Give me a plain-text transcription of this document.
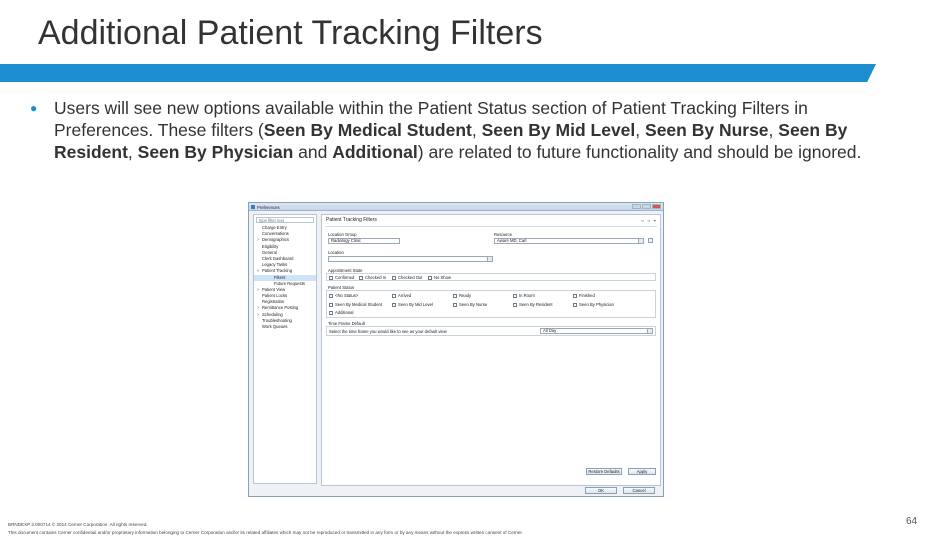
Additional Patient Tracking Filters
● Users will see new options available within the Patient Status section of Patient Tracking Filters in Preferences. These filters (Seen By Medical Student, Seen By Mid Level, Seen By Nurse, Seen By Resident, Seen By Physician and Additional) are related to future functionality and should be ignored.
Preferences
type filter text
Charge Entry
Conversations
> Demographics
Eligibility
General
Clerk Dashboard
Legacy Tasks
v Patient Tracking
Filters
Future Requests
> Patient View
Patient Locks
Registration
> Remittance Posting
> Scheduling
Troubleshooting
Work Queues
Patient Tracking Filters	⇦ ⇨ ▾
Location Group
Radiology Clinic
Resource
Aware MD, Carl
Location
Appointment State
Confirmed	Checked In	Checked Out	No Show
Patient Status
<No Status>	Arrived	Ready	In Room	Finished
Seen By Medical Student	Seen By Mid Level	Seen By Nurse	Seen By Resident	Seen By Physician
Additional
Time Frame Default
Select the time frame you would like to see as your default view	All Day
Restore Defaults	Apply
OK	Cancel
BRNDEXP 2.000714 © 2014 Cerner Corporation. All rights reserved.
This document contains Cerner confidential and/or proprietary information belonging to Cerner Corporation and/or its related affiliates which may not be reproduced or transmitted in any form or by any means without the express written consent of Cerner.
64
